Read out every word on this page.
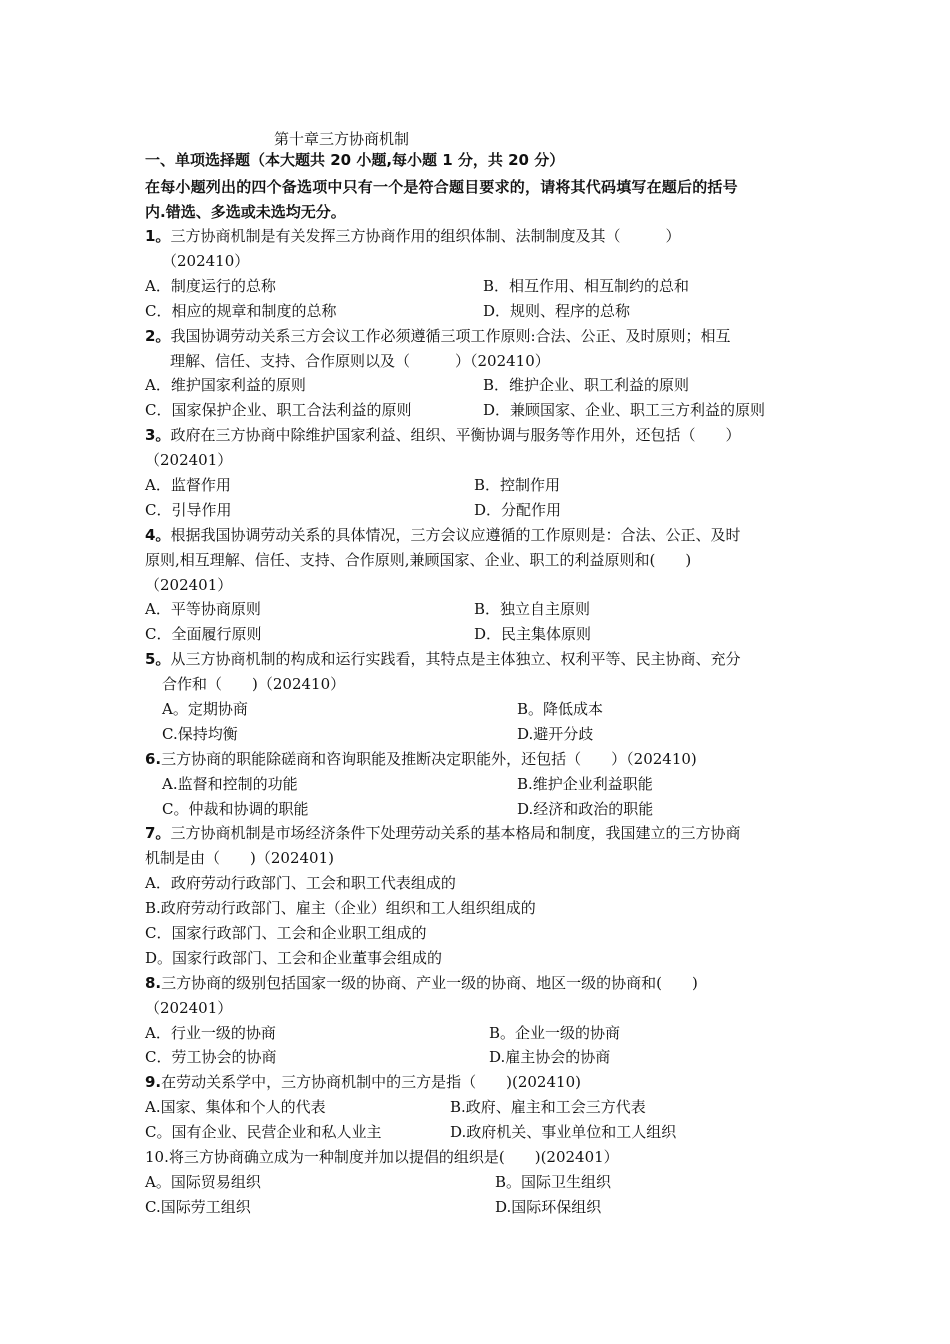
第十章三方协商机制
一、单项选择题（本大题共 20 小题,每小题 1 分，共 20 分）
在每小题列出的四个备选项中只有一个是符合题目要求的，请将其代码填写在题后的括号
内.错选、多选或未选均无分。
1。三方协商机制是有关发挥三方协商作用的组织体制、法制制度及其（　　　）
（202410）
A．制度运行的总称	B．相互作用、相互制约的总和
C．相应的规章和制度的总称	D．规则、程序的总称
2。我国协调劳动关系三方会议工作必须遵循三项工作原则:合法、公正、及时原则；相互
理解、信任、支持、合作原则以及（　　　）（202410）
A．维护国家利益的原则	B．维护企业、职工利益的原则
C．国家保护企业、职工合法利益的原则	D．兼顾国家、企业、职工三方利益的原则
3。政府在三方协商中除维护国家利益、组织、平衡协调与服务等作用外，还包括（　　）
（202401）
A．监督作用	B．控制作用
C．引导作用	D．分配作用
4。根据我国协调劳动关系的具体情况，三方会议应遵循的工作原则是：合法、公正、及时
原则,相互理解、信任、支持、合作原则,兼顾国家、企业、职工的利益原则和(　　)
（202401）
A．平等协商原则	B．独立自主原则
C．全面履行原则	D．民主集体原则
5。从三方协商机制的构成和运行实践看，其特点是主体独立、权利平等、民主协商、充分
合作和（　　)（202410）
A。定期协商	B。降低成本
C.保持均衡	D.避开分歧
6.三方协商的职能除磋商和咨询职能及推断决定职能外，还包括（　　）（202410)
A.监督和控制的功能	B.维护企业利益职能
C。仲裁和协调的职能	D.经济和政治的职能
7。三方协商机制是市场经济条件下处理劳动关系的基本格局和制度，我国建立的三方协商
机制是由（　　)（202401)
A．政府劳动行政部门、工会和职工代表组成的
B.政府劳动行政部门、雇主（企业）组织和工人组织组成的
C．国家行政部门、工会和企业职工组成的
D。国家行政部门、工会和企业董事会组成的
8.三方协商的级别包括国家一级的协商、产业一级的协商、地区一级的协商和(　　)
（202401）
A．行业一级的协商	B。企业一级的协商
C．劳工协会的协商	D.雇主协会的协商
9.在劳动关系学中，三方协商机制中的三方是指（　　)(202410)
A.国家、集体和个人的代表	B.政府、雇主和工会三方代表
C。国有企业、民营企业和私人业主	D.政府机关、事业单位和工人组织
10.将三方协商确立成为一种制度并加以提倡的组织是(　　)(202401）
A。国际贸易组织	B。国际卫生组织
C.国际劳工组织	D.国际环保组织
